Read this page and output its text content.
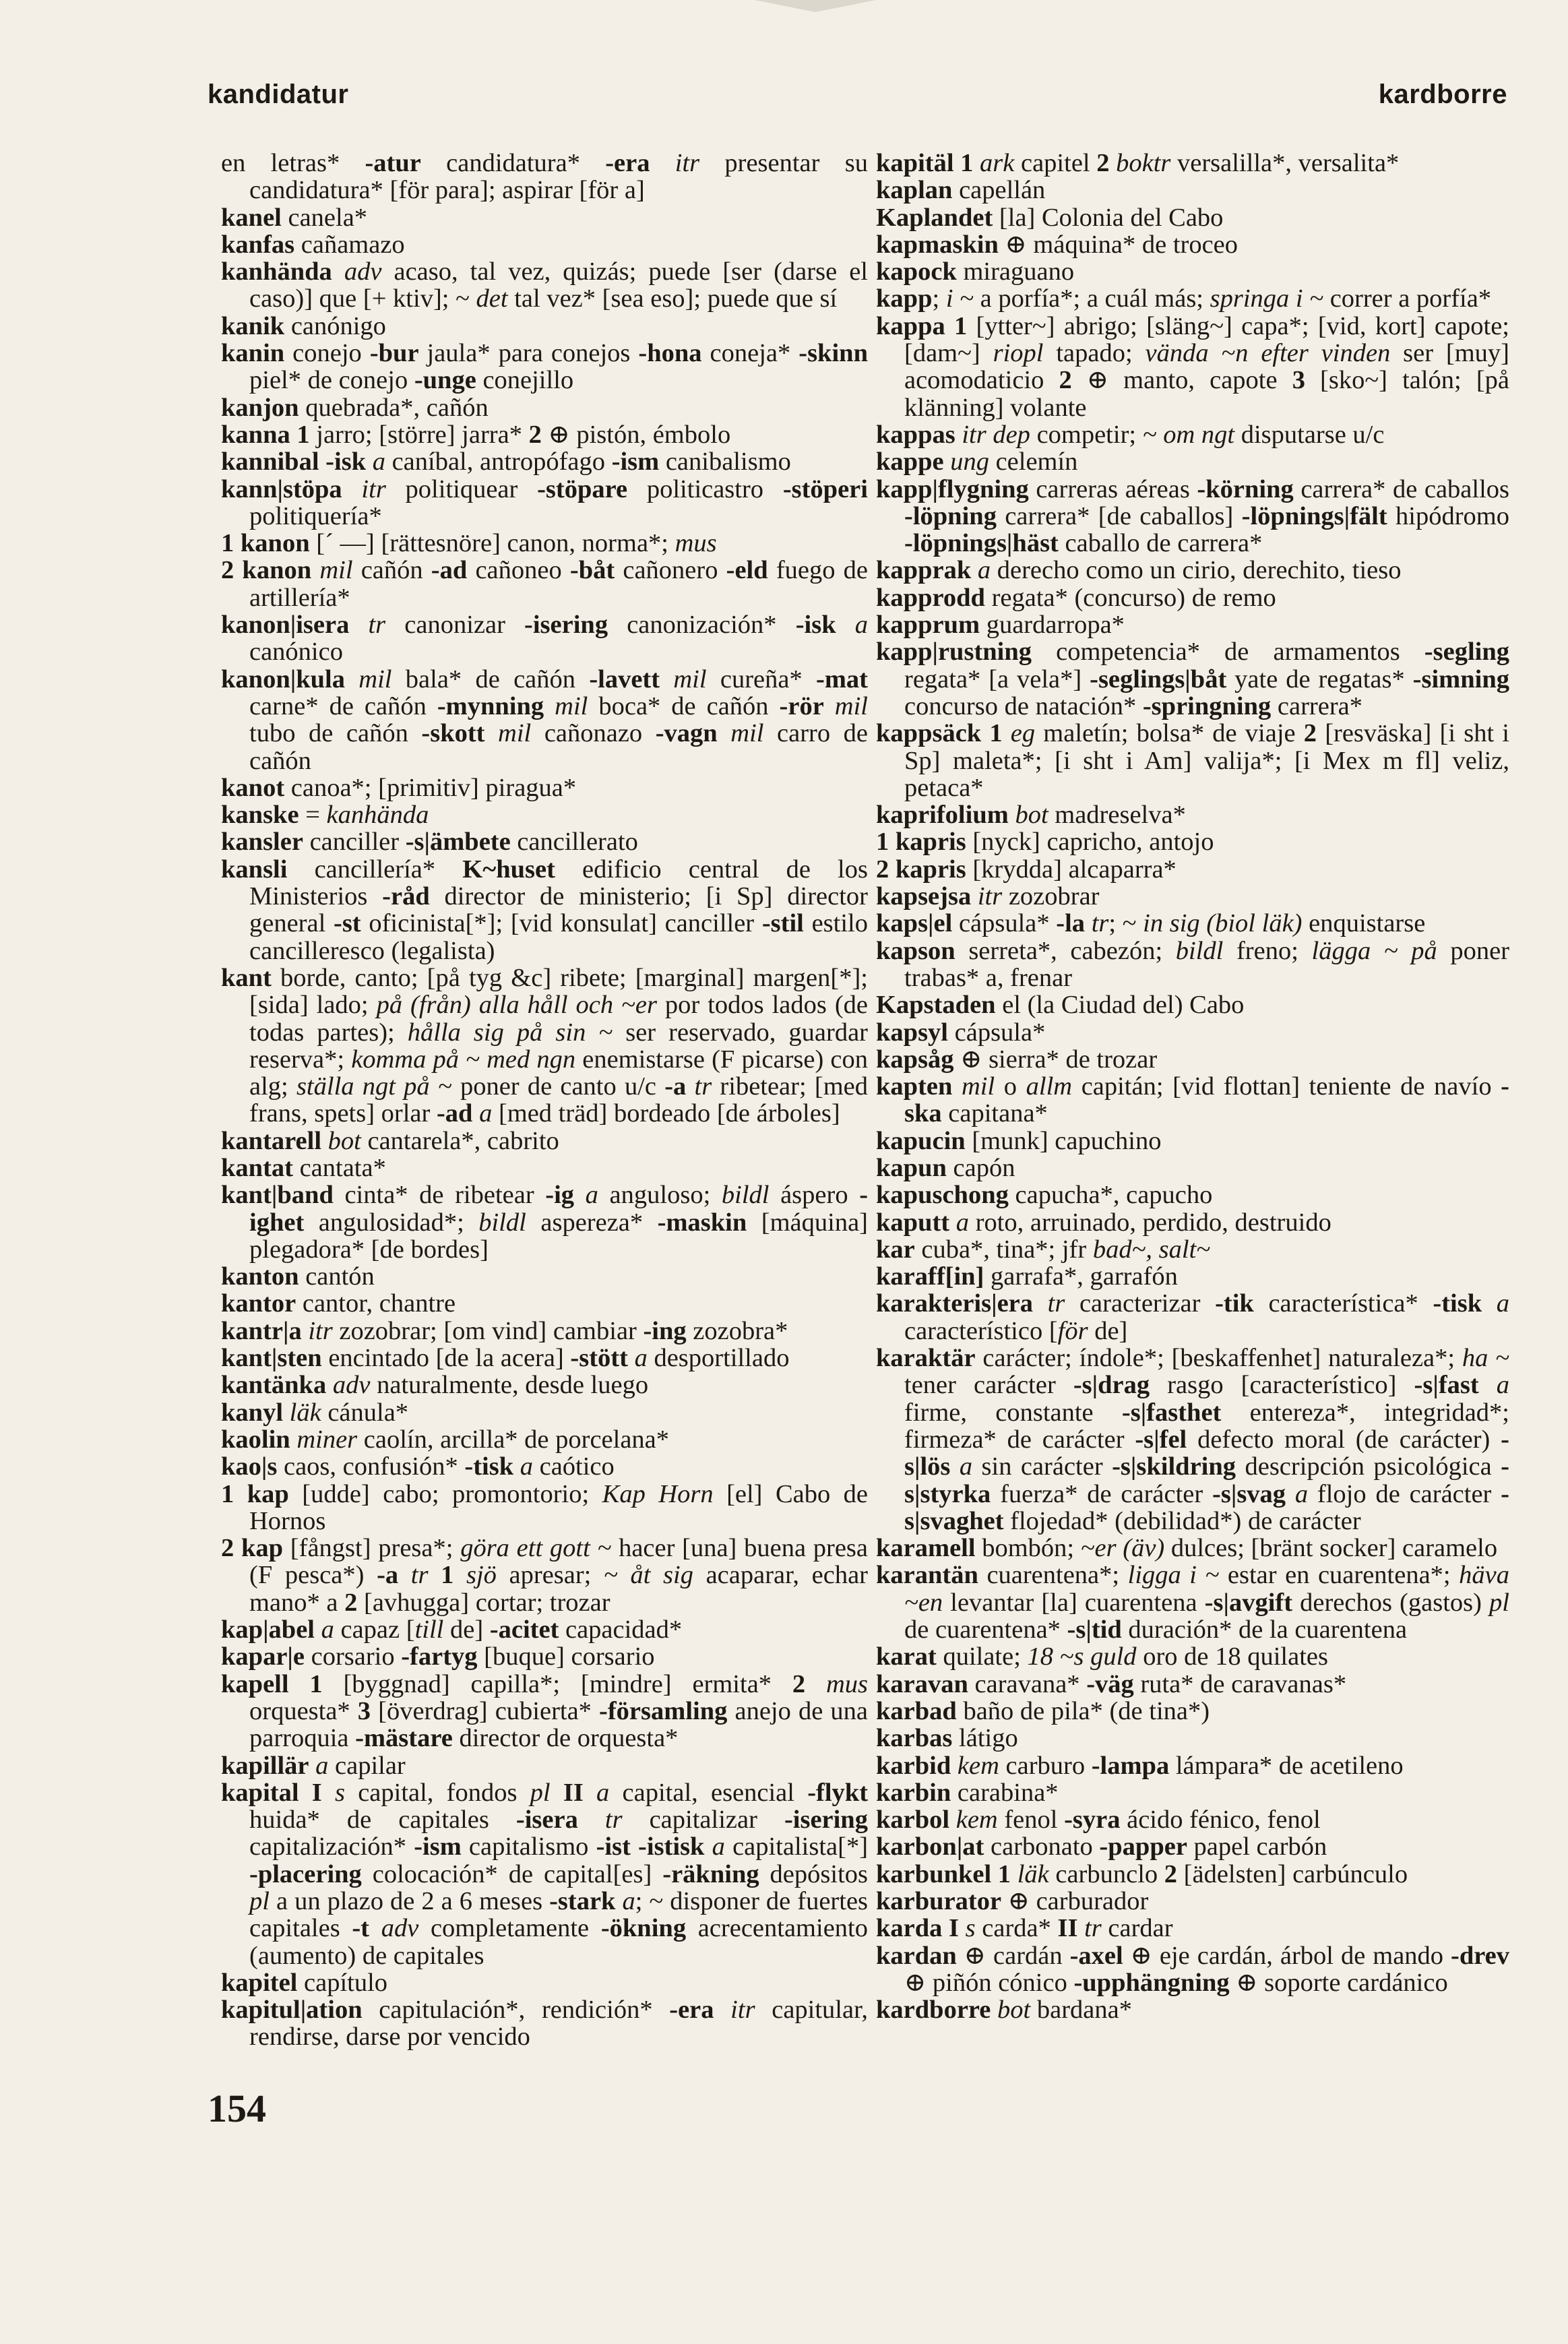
kandidatur	kardborre
en letras* -atur candidatura* -era itr presentar su candidatura* [för para]; aspirar [för a]
kanel canela*
kanfas cañamazo
kanhända adv acaso, tal vez, quizás; puede [ser (darse el caso)] que [+ ktiv]; ~ det tal vez* [sea eso]; puede que sí
kanik canónigo
kanin conejo -bur jaula* para conejos -hona coneja* -skinn piel* de conejo -unge conejillo
kanjon quebrada*, cañón
kanna 1 jarro; [större] jarra* 2 ⊕ pistón, émbolo
kannibal -isk a caníbal, antropófago -ism canibalismo
kann|stöpa itr politiquear -stöpare politicastro -stöperi politiquería*
1 kanon [ˊ —] [rättesnöre] canon, norma*; mus
2 kanon mil cañón -ad cañoneo -båt cañonero -eld fuego de artillería*
kanon|isera tr canonizar -isering canonización* -isk a canónico
kanon|kula mil bala* de cañón -lavett mil cureña* -mat carne* de cañón -mynning mil boca* de cañón -rör mil tubo de cañón -skott mil cañonazo -vagn mil carro de cañón
kanot canoa*; [primitiv] piragua*
kanske = kanhända
kansler canciller -s|ämbete cancillerato
kansli cancillería* K~huset edificio central de los Ministerios -råd director de ministerio; [i Sp] director general -st oficinista[*]; [vid konsulat] canciller -stil estilo cancilleresco (legalista)
kant borde, canto; [på tyg &c] ribete; [marginal] margen[*]; [sida] lado; på (från) alla håll och ~er por todos lados (de todas partes); hålla sig på sin ~ ser reservado, guardar reserva*; komma på ~ med ngn enemistarse (F picarse) con alg; ställa ngt på ~ poner de canto u/c -a tr ribetear; [med frans, spets] orlar -ad a [med träd] bordeado [de árboles]
kantarell bot cantarela*, cabrito
kantat cantata*
kant|band cinta* de ribetear -ig a anguloso; bildl áspero -ighet angulosidad*; bildl aspereza* -maskin [máquina] plegadora* [de bordes]
kanton cantón
kantor cantor, chantre
kantr|a itr zozobrar; [om vind] cambiar -ing zozobra*
kant|sten encintado [de la acera] -stött a desportillado
kantänka adv naturalmente, desde luego
kanyl läk cánula*
kaolin miner caolín, arcilla* de porcelana*
kao|s caos, confusión* -tisk a caótico
1 kap [udde] cabo; promontorio; Kap Horn [el] Cabo de Hornos
2 kap [fångst] presa*; göra ett gott ~ hacer [una] buena presa (F pesca*) -a tr 1 sjö apresar; ~ åt sig acaparar, echar mano* a 2 [avhugga] cortar; trozar
kap|abel a capaz [till de] -acitet capacidad*
kapar|e corsario -fartyg [buque] corsario
kapell 1 [byggnad] capilla*; [mindre] ermita* 2 mus orquesta* 3 [överdrag] cubierta* -församling anejo de una parroquia -mästare director de orquesta*
kapillär a capilar
kapital I s capital, fondos pl II a capital, esencial -flykt huida* de capitales -isera tr capitalizar -isering capitalización* -ism capitalismo -ist -istisk a capitalista[*] -placering colocación* de capital[es] -räkning depósitos pl a un plazo de 2 a 6 meses -stark a; ~ disponer de fuertes capitales -t adv completamente -ökning acrecentamiento (aumento) de capitales
kapitel capítulo
kapitul|ation capitulación*, rendición* -era itr capitular, rendirse, darse por vencido
kapitäl 1 ark capitel 2 boktr versalilla*, versalita*
kaplan capellán
Kaplandet [la] Colonia del Cabo
kapmaskin ⊕ máquina* de troceo
kapock miraguano
kapp; i ~ a porfía*; a cuál más; springa i ~ correr a porfía*
kappa 1 [ytter~] abrigo; [släng~] capa*; [vid, kort] capote; [dam~] riopl tapado; vända ~n efter vinden ser [muy] acomodaticio 2 ⊕ manto, capote 3 [sko~] talón; [på klänning] volante
kappas itr dep competir; ~ om ngt disputarse u/c
kappe ung celemín
kapp|flygning carreras aéreas -körning carrera* de caballos -löpning carrera* [de caballos] -löpnings|fält hipódromo -löpnings|häst caballo de carrera*
kapprak a derecho como un cirio, derechito, tieso
kapprodd regata* (concurso) de remo
kapprum guardarropa*
kapp|rustning competencia* de armamentos -segling regata* [a vela*] -seglings|båt yate de regatas* -simning concurso de natación* -springning carrera*
kappsäck 1 eg maletín; bolsa* de viaje 2 [resväska] [i sht i Sp] maleta*; [i sht i Am] valija*; [i Mex m fl] veliz, petaca*
kaprifolium bot madreselva*
1 kapris [nyck] capricho, antojo
2 kapris [krydda] alcaparra*
kapsejsa itr zozobrar
kaps|el cápsula* -la tr; ~ in sig (biol läk) enquistarse
kapson serreta*, cabezón; bildl freno; lägga ~ på poner trabas* a, frenar
Kapstaden el (la Ciudad del) Cabo
kapsyl cápsula*
kapsåg ⊕ sierra* de trozar
kapten mil o allm capitán; [vid flottan] teniente de navío -ska capitana*
kapucin [munk] capuchino
kapun capón
kapuschong capucha*, capucho
kaputt a roto, arruinado, perdido, destruido
kar cuba*, tina*; jfr bad~, salt~
karaff[in] garrafa*, garrafón
karakteris|era tr caracterizar -tik característica* -tisk a característico [för de]
karaktär carácter; índole*; [beskaffenhet] naturaleza*; ha ~ tener carácter -s|drag rasgo [característico] -s|fast a firme, constante -s|fasthet entereza*, integridad*; firmeza* de carácter -s|fel defecto moral (de carácter) -s|lös a sin carácter -s|skildring descripción psicológica -s|styrka fuerza* de carácter -s|svag a flojo de carácter -s|svaghet flojedad* (debilidad*) de carácter
karamell bombón; ~er (äv) dulces; [bränt socker] caramelo
karantän cuarentena*; ligga i ~ estar en cuarentena*; häva ~en levantar [la] cuarentena -s|avgift derechos (gastos) pl de cuarentena* -s|tid duración* de la cuarentena
karat quilate; 18 ~s guld oro de 18 quilates
karavan caravana* -väg ruta* de caravanas*
karbad baño de pila* (de tina*)
karbas látigo
karbid kem carburo -lampa lámpara* de acetileno
karbin carabina*
karbol kem fenol -syra ácido fénico, fenol
karbon|at carbonato -papper papel carbón
karbunkel 1 läk carbunclo 2 [ädelsten] carbúnculo
karburator ⊕ carburador
karda I s carda* II tr cardar
kardan ⊕ cardán -axel ⊕ eje cardán, árbol de mando -drev ⊕ piñón cónico -upphängning ⊕ soporte cardánico
kardborre bot bardana*
154
